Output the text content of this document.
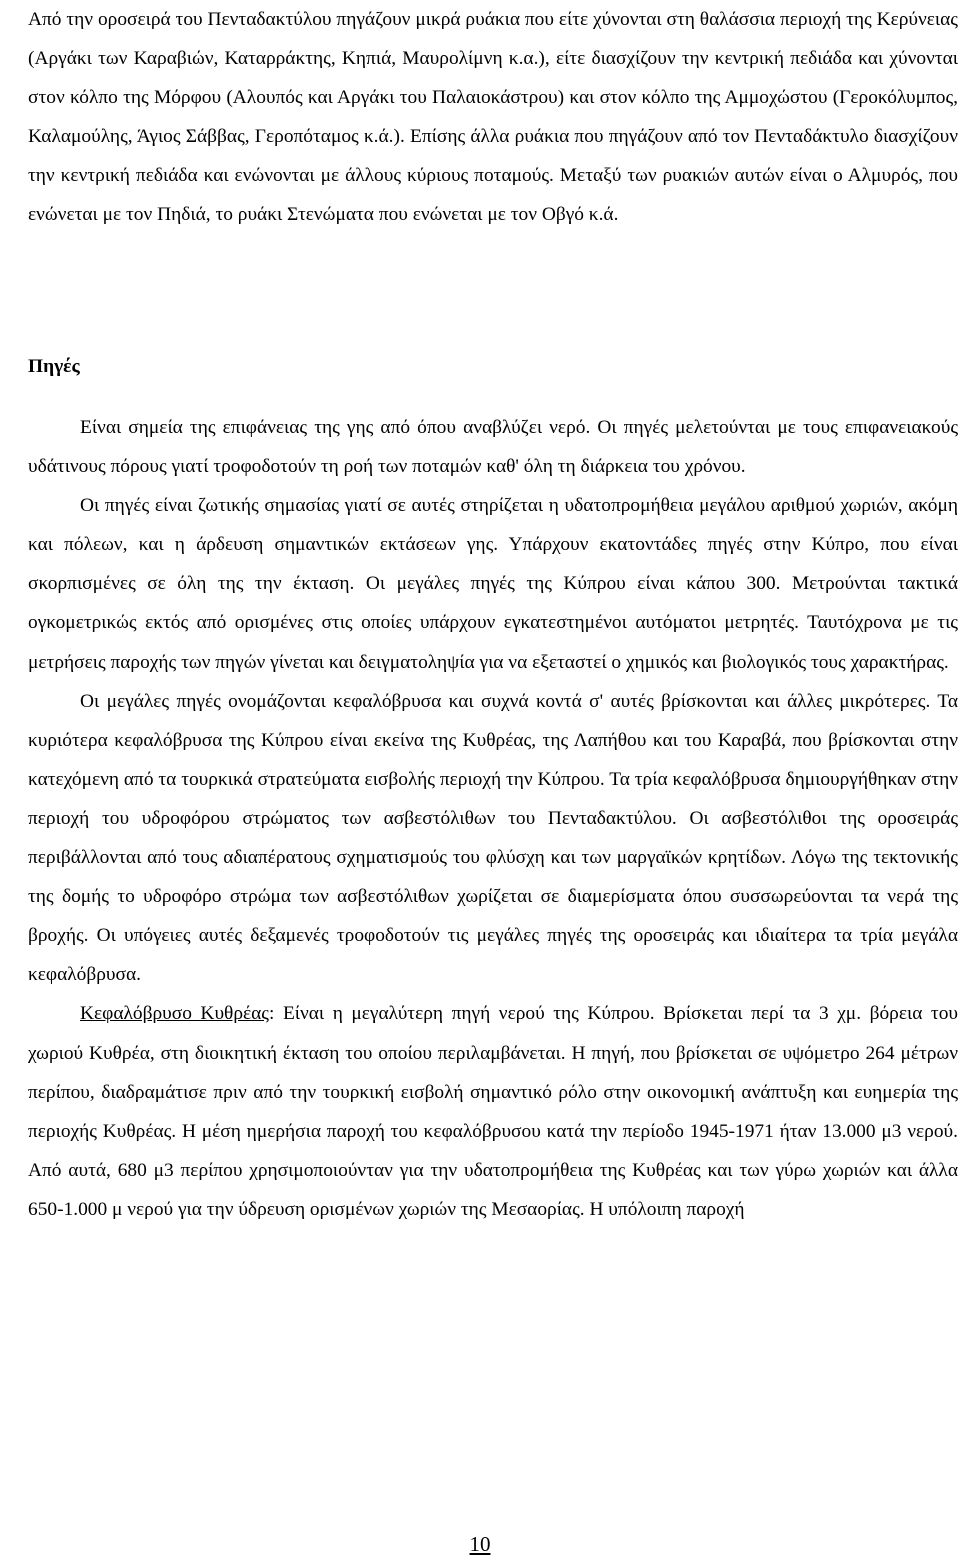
Από την οροσειρά του Πενταδακτύλου πηγάζουν μικρά ρυάκια που είτε χύνονται στη θαλάσσια περιοχή της Κερύνειας (Αργάκι των Καραβιών, Καταρράκτης, Κηπιά, Μαυρολίμνη κ.α.), είτε διασχίζουν την κεντρική πεδιάδα και χύνονται στον κόλπο της Μόρφου (Αλουπός και Αργάκι του Παλαιοκάστρου) και στον κόλπο της Αμμοχώστου (Γεροκόλυμπος, Καλαμούλης, Άγιος Σάββας, Γεροπόταμος κ.ά.). Επίσης άλλα ρυάκια που πηγάζουν από τον Πενταδάκτυλο διασχίζουν την κεντρική πεδιάδα και ενώνονται με άλλους κύριους ποταμούς. Μεταξύ των ρυακιών αυτών είναι ο Αλμυρός, που ενώνεται με τον Πηδιά, το ρυάκι Στενώματα που ενώνεται με τον Οβγό κ.ά.

Πηγές

Είναι σημεία της επιφάνειας της γης από όπου αναβλύζει νερό. Οι πηγές μελετούνται με τους επιφανειακούς υδάτινους πόρους γιατί τροφοδοτούν τη ροή των ποταμών καθ' όλη τη διάρκεια του χρόνου.

Οι πηγές είναι ζωτικής σημασίας γιατί σε αυτές στηρίζεται η υδατοπρομήθεια μεγάλου αριθμού χωριών, ακόμη και πόλεων, και η άρδευση σημαντικών εκτάσεων γης. Υπάρχουν εκατοντάδες πηγές στην Κύπρο, που είναι σκορπισμένες σε όλη της την έκταση. Οι μεγάλες πηγές της Κύπρου είναι κάπου 300. Μετρούνται τακτικά ογκομετρικώς εκτός από ορισμένες στις οποίες υπάρχουν εγκατεστημένοι αυτόματοι μετρητές. Ταυτόχρονα με τις μετρήσεις παροχής των πηγών γίνεται και δειγματοληψία για να εξεταστεί ο χημικός και βιολογικός τους χαρακτήρας.

Οι μεγάλες πηγές ονομάζονται κεφαλόβρυσα και συχνά κοντά σ' αυτές βρίσκονται και άλλες μικρότερες. Τα κυριότερα κεφαλόβρυσα της Κύπρου είναι εκείνα της Κυθρέας, της Λαπήθου και του Καραβά, που βρίσκονται στην κατεχόμενη από τα τουρκικά στρατεύματα εισβολής περιοχή την Κύπρου. Τα τρία κεφαλόβρυσα δημιουργήθηκαν στην περιοχή του υδροφόρου στρώματος των ασβεστόλιθων του Πενταδακτύλου. Οι ασβεστόλιθοι της οροσειράς περιβάλλονται από τους αδιαπέρατους σχηματισμούς του φλύσχη και των μαργαϊκών κρητίδων. Λόγω της τεκτονικής της δομής το υδροφόρο στρώμα των ασβεστόλιθων χωρίζεται σε διαμερίσματα όπου συσσωρεύονται τα νερά της βροχής. Οι υπόγειες αυτές δεξαμενές τροφοδοτούν τις μεγάλες πηγές της οροσειράς και ιδιαίτερα τα τρία μεγάλα κεφαλόβρυσα.

Κεφαλόβρυσο Κυθρέας: Είναι η μεγαλύτερη πηγή νερού της Κύπρου. Βρίσκεται περί τα 3 χμ. βόρεια του χωριού Κυθρέα, στη διοικητική έκταση του οποίου περιλαμβάνεται. Η πηγή, που βρίσκεται σε υψόμετρο 264 μέτρων περίπου, διαδραμάτισε πριν από την τουρκική εισβολή σημαντικό ρόλο στην οικονομική ανάπτυξη και ευημερία της περιοχής Κυθρέας. Η μέση ημερήσια παροχή του κεφαλόβρυσου κατά την περίοδο 1945-1971 ήταν 13.000 μ3 νερού. Από αυτά, 680 μ3 περίπου χρησιμοποιούνταν για την υδατοπρομήθεια της Κυθρέας και των γύρω χωριών και άλλα 650-1.000 μ νερού για την ύδρευση ορισμένων χωριών της Μεσαορίας. Η υπόλοιπη παροχή

10
